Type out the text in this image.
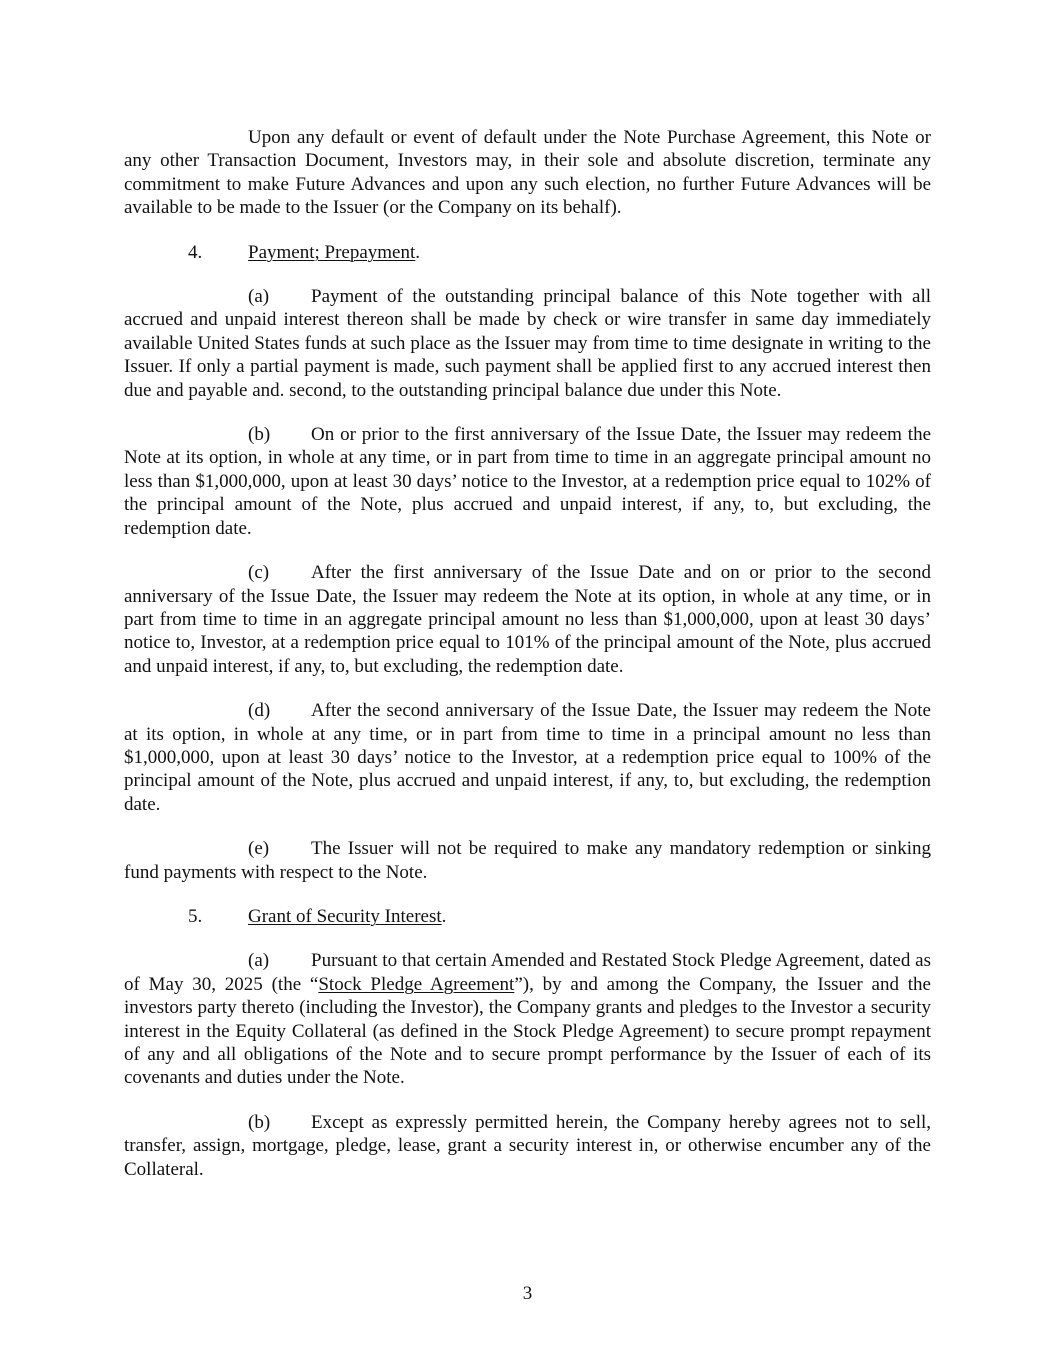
Upon any default or event of default under the Note Purchase Agreement, this Note or any other Transaction Document, Investors may, in their sole and absolute discretion, terminate any commitment to make Future Advances and upon any such election, no further Future Advances will be available to be made to the Issuer (or the Company on its behalf).

4. Payment; Prepayment.

(a) Payment of the outstanding principal balance of this Note together with all accrued and unpaid interest thereon shall be made by check or wire transfer in same day immediately available United States funds at such place as the Issuer may from time to time designate in writing to the Issuer. If only a partial payment is made, such payment shall be applied first to any accrued interest then due and payable and. second, to the outstanding principal balance due under this Note.

(b) On or prior to the first anniversary of the Issue Date, the Issuer may redeem the Note at its option, in whole at any time, or in part from time to time in an aggregate principal amount no less than $1,000,000, upon at least 30 days’ notice to the Investor, at a redemption price equal to 102% of the principal amount of the Note, plus accrued and unpaid interest, if any, to, but excluding, the redemption date.

(c) After the first anniversary of the Issue Date and on or prior to the second anniversary of the Issue Date, the Issuer may redeem the Note at its option, in whole at any time, or in part from time to time in an aggregate principal amount no less than $1,000,000, upon at least 30 days’ notice to, Investor, at a redemption price equal to 101% of the principal amount of the Note, plus accrued and unpaid interest, if any, to, but excluding, the redemption date.

(d) After the second anniversary of the Issue Date, the Issuer may redeem the Note at its option, in whole at any time, or in part from time to time in a principal amount no less than $1,000,000, upon at least 30 days’ notice to the Investor, at a redemption price equal to 100% of the principal amount of the Note, plus accrued and unpaid interest, if any, to, but excluding, the redemption date.

(e) The Issuer will not be required to make any mandatory redemption or sinking fund payments with respect to the Note.

5. Grant of Security Interest.

(a) Pursuant to that certain Amended and Restated Stock Pledge Agreement, dated as of May 30, 2025 (the “Stock Pledge Agreement”), by and among the Company, the Issuer and the investors party thereto (including the Investor), the Company grants and pledges to the Investor a security interest in the Equity Collateral (as defined in the Stock Pledge Agreement) to secure prompt repayment of any and all obligations of the Note and to secure prompt performance by the Issuer of each of its covenants and duties under the Note.

(b) Except as expressly permitted herein, the Company hereby agrees not to sell, transfer, assign, mortgage, pledge, lease, grant a security interest in, or otherwise encumber any of the Collateral.

3
